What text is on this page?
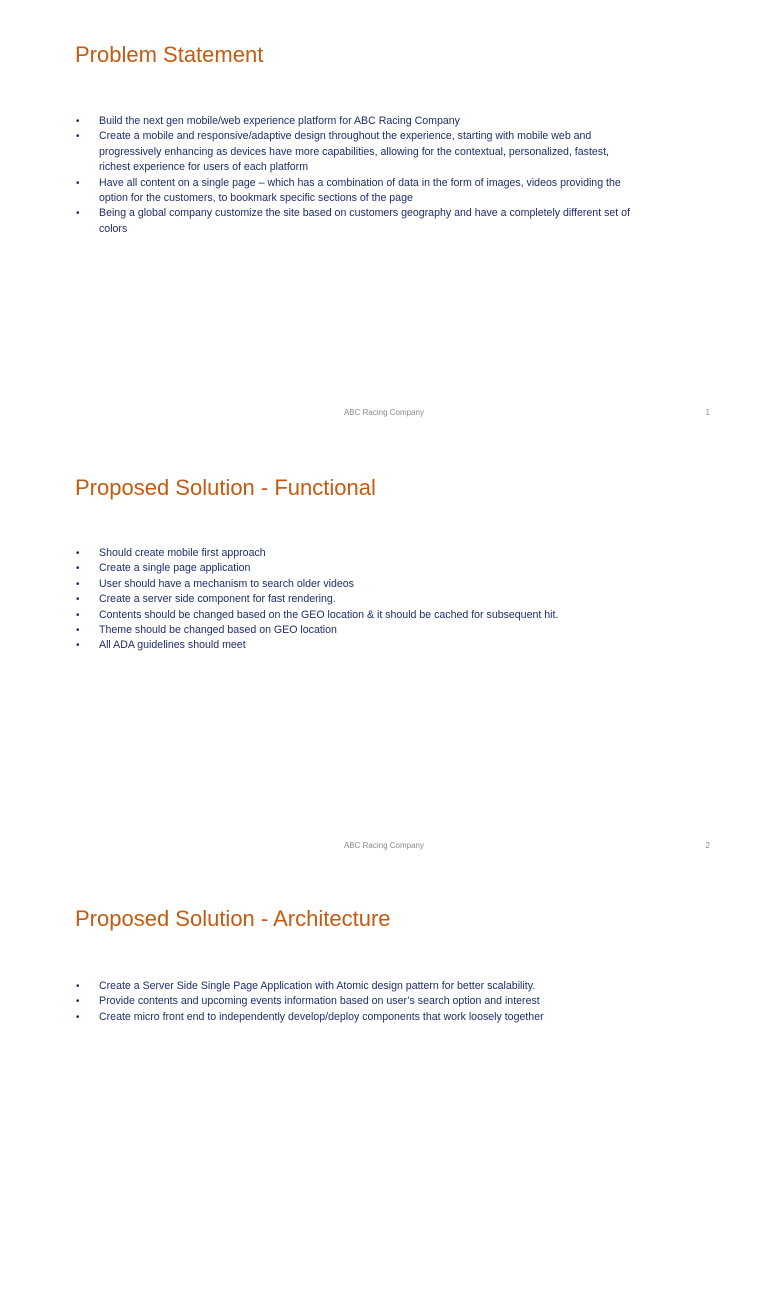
Problem Statement
• Build the next gen mobile/web experience platform for ABC Racing Company
• Create a mobile and responsive/adaptive design throughout the experience, starting with mobile web and progressively enhancing as devices have more capabilities, allowing for the contextual, personalized, fastest, richest experience for users of each platform
• Have all content on a single page – which has a combination of data in the form of images, videos providing the option for the customers, to bookmark specific sections of the page
• Being a global company customize the site based on customers geography and have a completely different set of colors
ABC Racing Company	1
Proposed Solution - Functional
• Should create mobile first approach
• Create a single page application
• User should have a mechanism to search older videos
• Create a server side component for fast rendering.
• Contents should be changed based on the GEO location & it should be cached for subsequent hit.
• Theme should be changed based on GEO location
• All ADA guidelines should meet
ABC Racing Company	2
Proposed Solution - Architecture
• Create a Server Side Single Page Application with Atomic design pattern for better scalability.
• Provide contents and upcoming events information based on user’s search option and interest
• Create micro front end to independently develop/deploy components that work loosely together
